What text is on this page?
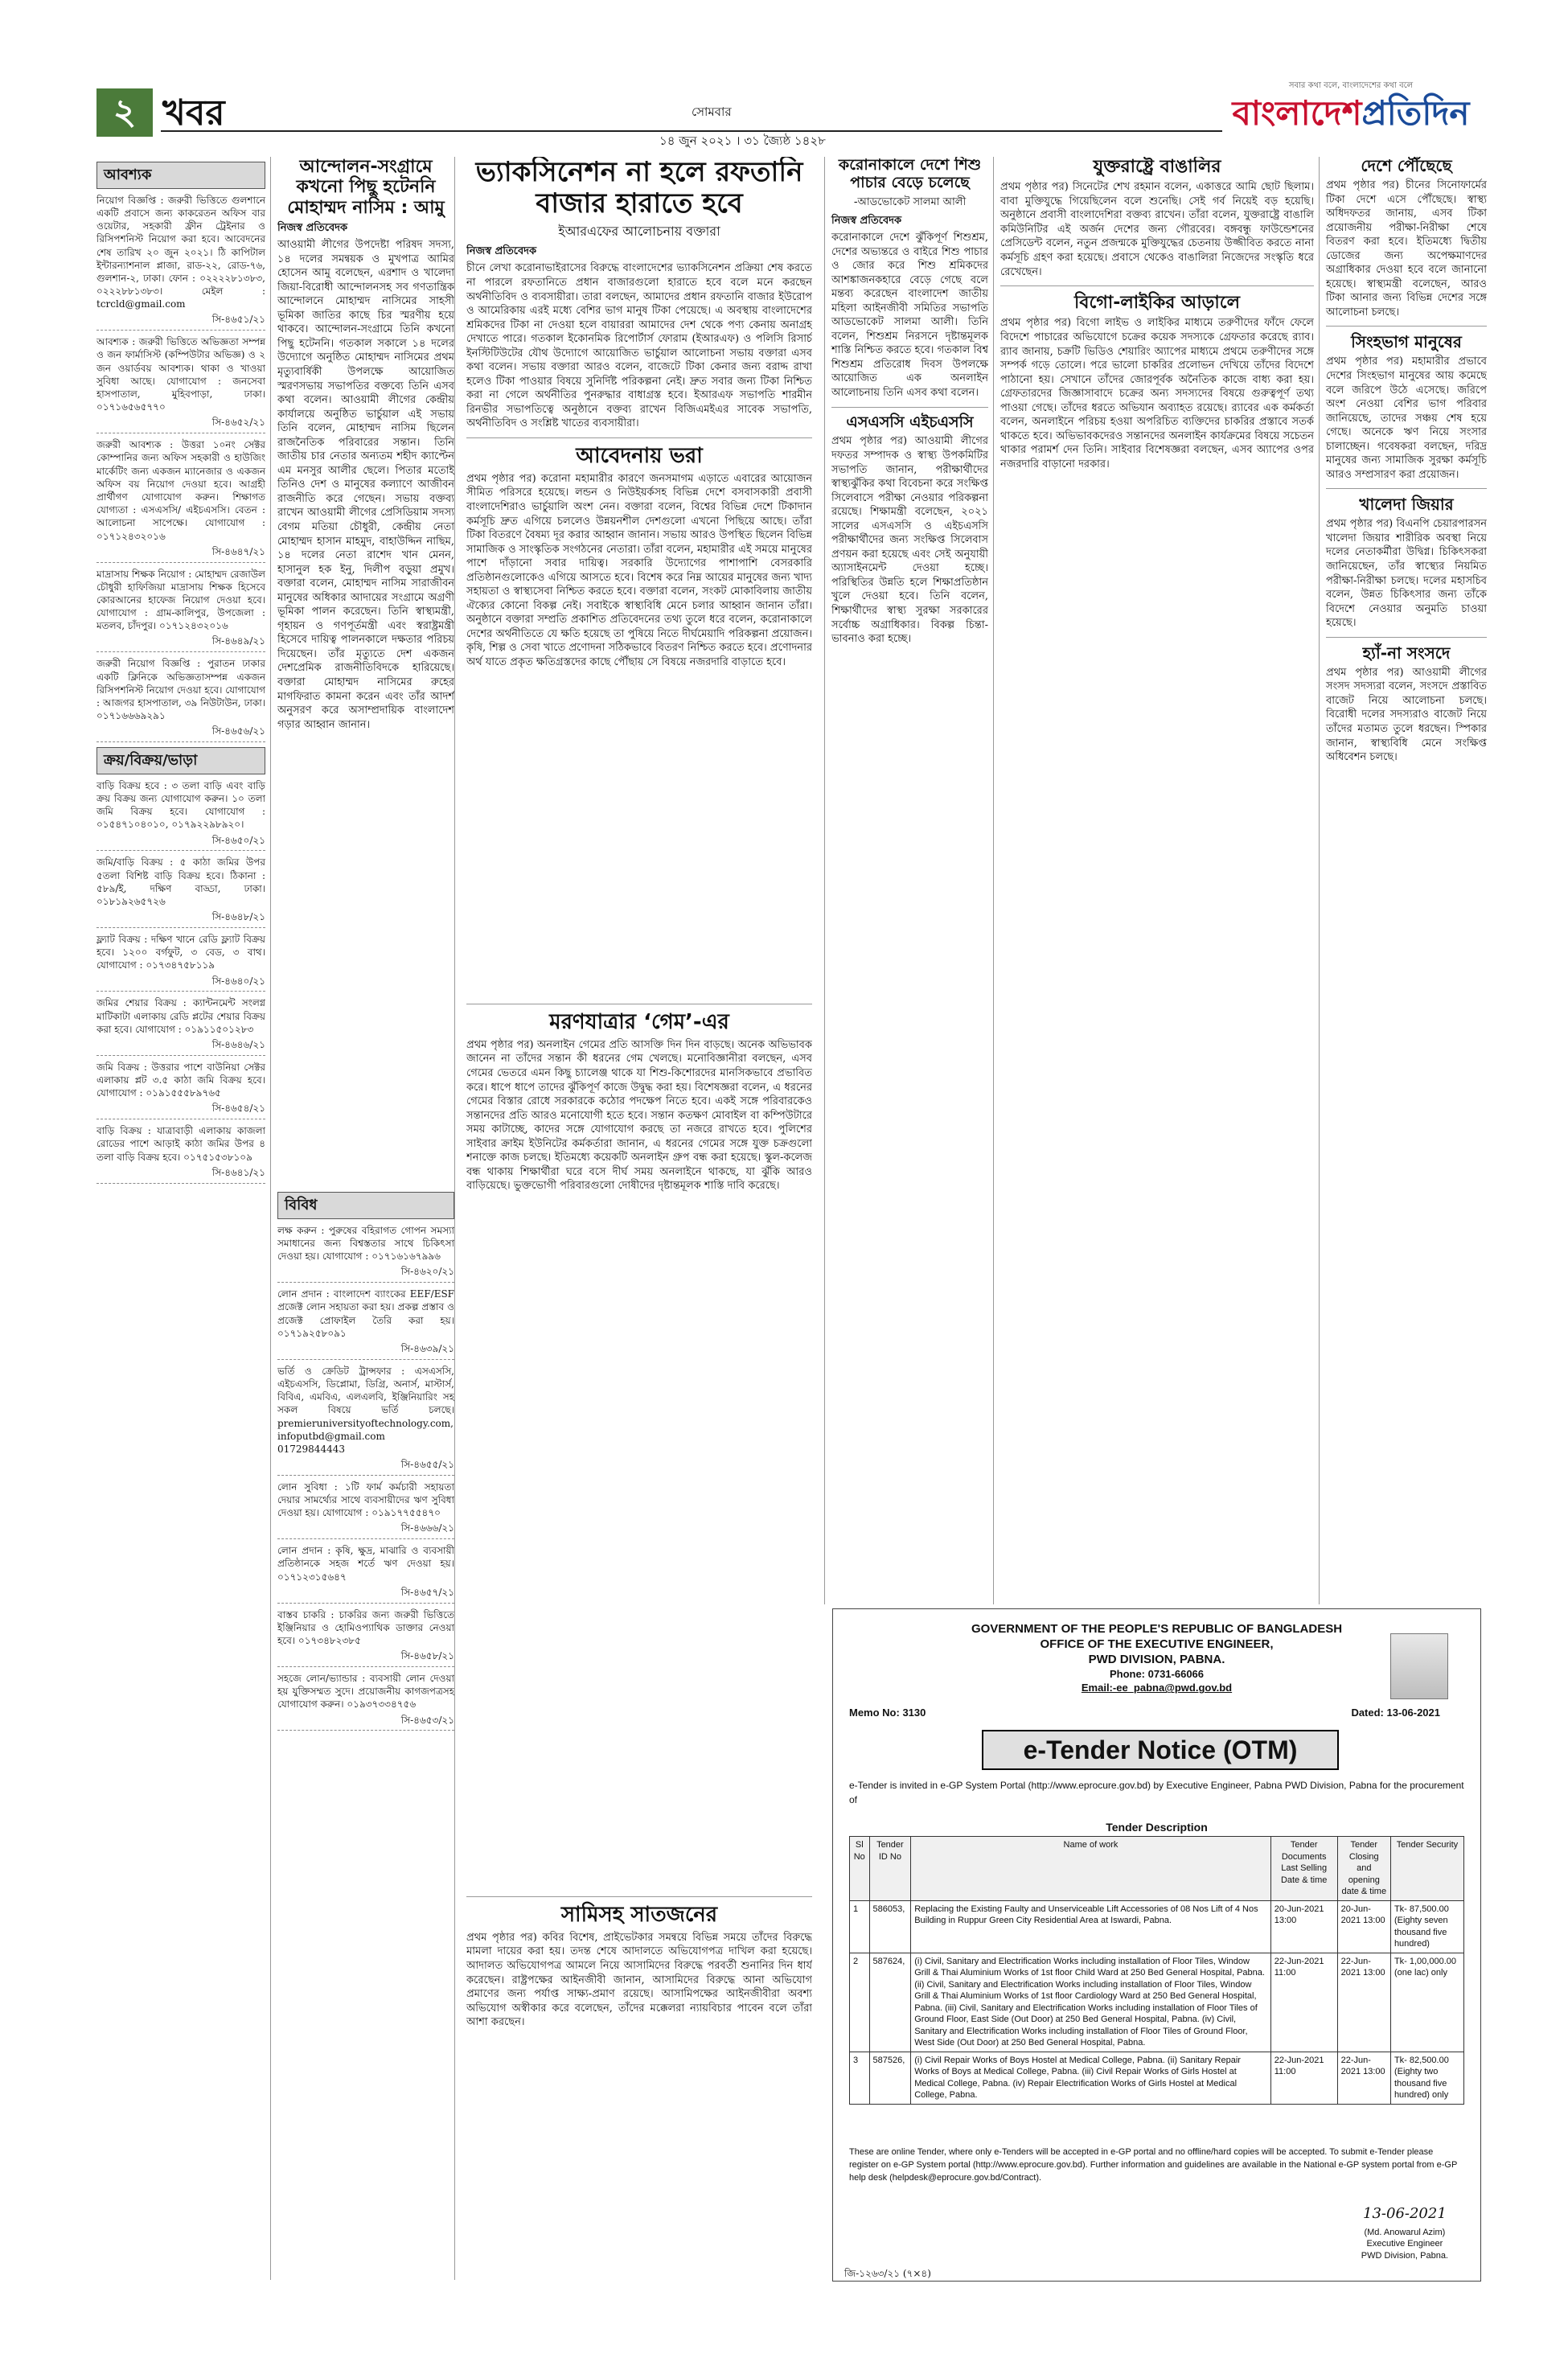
২ খবর	সোমবার
১৪ জুন ২০২১ । ৩১ জ্যৈষ্ঠ ১৪২৮
সবার কথা বলে, বাংলাদেশের কথা বলে
বাংলাদেশপ্রতিদিন
আবশ্যক
নিয়োগ বিজ্ঞপ্তি : জরুরী ভিত্তিতে গুলশানে একটি প্রবাসে জন্য কাকরেতন অফিস বার ওয়েটার, সহকারী ফ্রীন ট্রেইনার ও রিসিপশনিস্ট নিয়োগ করা হবে। আবেদনের শেষ তারিখ ২০ জুন ২০২১। ঠি কাপিটাল ইন্টারন্যাশনাল প্লাজা, রাড-২২, রোড-৭৬, গুলশান-২, ঢাকা। ফোন : ০২২২২৮১৩৮৩, ০২২২৮৮১৩৮৩। মেইল : tcrcld@gmail.com
সি-৪৬৫১/২১
আবশ্যক : জরুরী ভিত্তিতে অভিজ্ঞতা সম্পন্ন ও জন ফার্মাসিস্ট (কম্পিউটার অভিজ্ঞ) ও ২ জন ওয়ার্ডবয় আবশ্যক। থাকা ও খাওয়া সুবিধা আছে। যোগাযোগ : জনসেবা হাসপাতাল, মুহিবপাড়া, ঢাকা। ০১৭১৬৫৬৫৭৭০
সি-৪৬৫২/২১
জরুরী আবশ্যক : উত্তরা ১০নং সেক্টর কোম্পানির জন্য অফিস সহকারী ও হাউজিং মার্কেটিং জন্য একজন ম্যানেজার ও একজন অফিস বয় নিয়োগ দেওয়া হবে। আগ্রহী প্রার্থীগণ যোগাযোগ করুন। শিক্ষাগত যোগ্যতা : এসএসসি/ এইচএসসি। বেতন : আলোচনা সাপেক্ষে। যোগাযোগ : ০১৭১২৪৩২০১৬
সি-৪৬৪৭/২১
মাদ্রাসায় শিক্ষক নিয়োগ : মোহাম্মদ রেজাউল চৌধুরী হাফিজিয়া মাদ্রাসায় শিক্ষক হিসেবে কোরআনের হাফেজ নিয়োগ দেওয়া হবে। যোগাযোগ : গ্রাম-কালিপুর, উপজেলা : মতলব, চাঁদপুর। ০১৭১২৪৩২০১৬
সি-৪৬৪৯/২১
জরুরী নিয়োগ বিজ্ঞপ্তি : পুরাতন ঢাকার একটি ক্লিনিকে অভিজ্ঞতাসম্পন্ন একজন রিসিপশনিস্ট নিয়োগ দেওয়া হবে। যোগাযোগ : আজগর হাসপাতাল, ৩৯ নিউটাউন, ঢাকা। ০১৭১৬৬৬৯২৯১
সি-৪৬৫৬/২১
ক্রয়/বিক্রয়/ভাড়া
বাড়ি বিক্রয় হবে : ৩ তলা বাড়ি এবং বাড়ি ক্রয় বিক্রয় জন্য যোগাযোগ করুন। ১০ তলা জমি বিক্রয় হবে। যোগাযোগ : ০১৫৪৭১০৪০১০, ০১৭৯২২৯৮৯২০।
সি-৪৬৫০/২১
জমি/বাড়ি বিক্রয় : ৫ কাঠা জমির উপর ৫তলা বিশিষ্ট বাড়ি বিক্রয় হবে। ঠিকানা : ৫৮৯/ই, দক্ষিণ বাড্ডা, ঢাকা। ০১৮১৯২৬৫৭২৬
সি-৪৬৪৮/২১
ফ্ল্যাট বিক্রয় : দক্ষিণ খানে রেডি ফ্ল্যাট বিক্রয় হবে। ১২০০ বর্গফুট, ৩ বেড, ৩ বাথ। যোগাযোগ : ০১৭৩৪৭৫৮১১৯
সি-৪৬৪০/২১
জমির শেয়ার বিক্রয় : ক্যান্টনমেন্ট সংলগ্ন মাটিকাটা এলাকায় রেডি প্লটের শেয়ার বিক্রয় করা হবে। যোগাযোগ : ০১৯১১৫০১২৮৩
সি-৪৬৪৬/২১
জমি বিক্রয় : উত্তরার পাশে বাউনিয়া সেক্টর এলাকায় প্লট ৩.৫ কাঠা জমি বিক্রয় হবে। যোগাযোগ : ০১৯১৫৫৫৮৯৭৬৫
সি-৪৬৫৪/২১
বাড়ি বিক্রয় : যাত্রাবাড়ী এলাকায় কাজলা রোডের পাশে আড়াই কাঠা জমির উপর ৪ তলা বাড়ি বিক্রয় হবে। ০১৭৫১৫৩৮১০৯
সি-৪৬৪১/২১
আন্দোলন-সংগ্রামে কখনো পিছু হটেননি মোহাম্মদ নাসিম : আমু
নিজস্ব প্রতিবেদক

আওয়ামী লীগের উপদেষ্টা পরিষদ সদস্য, ১৪ দলের সমন্বয়ক ও মুখপাত্র আমির হোসেন আমু বলেছেন, এরশাদ ও খালেদা জিয়া-বিরোধী আন্দোলনসহ সব গণতান্ত্রিক আন্দোলনে মোহাম্মদ নাসিমের সাহসী ভূমিকা জাতির কাছে চির স্মরণীয় হয়ে থাকবে। আন্দোলন-সংগ্রামে তিনি কখনো পিছু হটেননি। গতকাল সকালে ১৪ দলের উদ্যোগে অনুষ্ঠিত মোহাম্মদ নাসিমের প্রথম মৃত্যুবার্ষিকী উপলক্ষে আয়োজিত স্মরণসভায় সভাপতির বক্তব্যে তিনি এসব কথা বলেন। আওয়ামী লীগের কেন্দ্রীয় কার্যালয়ে অনুষ্ঠিত ভার্চুয়াল এই সভায় তিনি বলেন, মোহাম্মদ নাসিম ছিলেন রাজনৈতিক পরিবারের সন্তান। তিনি জাতীয় চার নেতার অন্যতম শহীদ ক্যাপ্টেন এম মনসুর আলীর ছেলে। পিতার মতোই তিনিও দেশ ও মানুষের কল্যাণে আজীবন রাজনীতি করে গেছেন। সভায় বক্তব্য রাখেন আওয়ামী লীগের প্রেসিডিয়াম সদস্য বেগম মতিয়া চৌধুরী, কেন্দ্রীয় নেতা মোহাম্মদ হাসান মাহমুদ, বাহাউদ্দিন নাছিম, ১৪ দলের নেতা রাশেদ খান মেনন, হাসানুল হক ইনু, দিলীপ বড়ুয়া প্রমুখ। বক্তারা বলেন, মোহাম্মদ নাসিম সারাজীবন মানুষের অধিকার আদায়ের সংগ্রামে অগ্রণী ভূমিকা পালন করেছেন। তিনি স্বাস্থ্যমন্ত্রী, গৃহায়ন ও গণপূর্তমন্ত্রী এবং স্বরাষ্ট্রমন্ত্রী হিসেবে দায়িত্ব পালনকালে দক্ষতার পরিচয় দিয়েছেন। তাঁর মৃত্যুতে দেশ একজন দেশপ্রেমিক রাজনীতিবিদকে হারিয়েছে। বক্তারা মোহাম্মদ নাসিমের রুহের মাগফিরাত কামনা করেন এবং তাঁর আদর্শ অনুসরণ করে অসাম্প্রদায়িক বাংলাদেশ গড়ার আহ্বান জানান।

বিবিধ
লক্ষ করুন : পুরুষের বহিরাগত গোপন সমস্যা সমাধানের জন্য বিশ্বস্ততার সাথে চিকিৎসা দেওয়া হয়। যোগাযোগ : ০১৭১৬১৬৭৯৯৬
সি-৪৬২০/২১
লোন প্রদান : বাংলাদেশ ব্যাংকের EEF/ESF প্রজেক্ট লোন সহায়তা করা হয়। প্রকল্প প্রস্তাব ও প্রজেক্ট প্রোফাইল তৈরি করা হয়। ০১৭১৯২৫৮০৯১
সি-৪৬৩৯/২১
ভর্তি ও ক্রেডিট ট্রান্সফার : এসএসসি, এইচএসসি, ডিপ্লোমা, ডিগ্রি, অনার্স, মাস্টার্স, বিবিএ, এমবিএ, এলএলবি, ইঞ্জিনিয়ারিং সহ সকল বিষয়ে ভর্তি চলছে। premieruniversityoftechnology.com, infoputbd@gmail.com 01729844443
সি-৪৬৫৫/২১
লোন সুবিধা : ১টি ফার্ম কর্মচারী সহায়তা দেয়ার সামর্থ্যের সাথে ব্যবসায়ীদের ঋণ সুবিধা দেওয়া হয়। যোগাযোগ : ০১৯১৭৭৫৫৪৭০
সি-৪৬৬৬/২১
লোন প্রদান : কৃষি, ক্ষুদ্র, মাঝারি ও ব্যবসায়ী প্রতিষ্ঠানকে সহজ শর্তে ঋণ দেওয়া হয়। ০১৭১২৩১৫৬৪৭
সি-৪৬৫৭/২১
বাস্তব চাকরি : চাকরির জন্য জরুরী ভিত্তিতে ইঞ্জিনিয়ার ও হোমিওপ্যাথিক ডাক্তার নেওয়া হবে। ০১৭৩৪৮২৩৮৫
সি-৪৬৫৮/২১
সহজে লোন/ভ্যান্ডার : ব্যবসায়ী লোন দেওয়া হয় যুক্তিসম্মত সুদে। প্রয়োজনীয় কাগজপত্রসহ যোগাযোগ করুন। ০১৯৩৭৩৩৪৭৫৬
সি-৪৬৫৩/২১
ভ্যাকসিনেশন না হলে রফতানি বাজার হারাতে হবে
ইআরএফের আলোচনায় বক্তারা
নিজস্ব প্রতিবেদক

চীনে লেখা করোনাভাইরাসের বিরুদ্ধে বাংলাদেশের ভ্যাকসিনেশন প্রক্রিয়া শেষ করতে না পারলে রফতানিতে প্রধান বাজারগুলো হারাতে হবে বলে মনে করছেন অর্থনীতিবিদ ও ব্যবসায়ীরা। তারা বলছেন, আমাদের প্রধান রফতানি বাজার ইউরোপ ও আমেরিকায় এরই মধ্যে বেশির ভাগ মানুষ টিকা পেয়েছে। এ অবস্থায় বাংলাদেশের শ্রমিকদের টিকা না দেওয়া হলে বায়াররা আমাদের দেশ থেকে পণ্য কেনায় অনাগ্রহ দেখাতে পারে। গতকাল ইকোনমিক রিপোর্টার্স ফোরাম (ইআরএফ) ও পলিসি রিসার্চ ইনস্টিটিউটের যৌথ উদ্যোগে আয়োজিত ভার্চুয়াল আলোচনা সভায় বক্তারা এসব কথা বলেন। সভায় বক্তারা আরও বলেন, বাজেটে টিকা কেনার জন্য বরাদ্দ রাখা হলেও টিকা পাওয়ার বিষয়ে সুনির্দিষ্ট পরিকল্পনা নেই। দ্রুত সবার জন্য টিকা নিশ্চিত করা না গেলে অর্থনীতির পুনরুদ্ধার বাধাগ্রস্ত হবে। ইআরএফ সভাপতি শারমীন রিনভীর সভাপতিত্বে অনুষ্ঠানে বক্তব্য রাখেন বিজিএমইএর সাবেক সভাপতি, অর্থনীতিবিদ ও সংশ্লিষ্ট খাতের ব্যবসায়ীরা।

আবেদনায় ভরা

প্রথম পৃষ্ঠার পর) করোনা মহামারীর কারণে জনসমাগম এড়াতে এবারের আয়োজন সীমিত পরিসরে হয়েছে। লন্ডন ও নিউইয়র্কসহ বিভিন্ন দেশে বসবাসকারী প্রবাসী বাংলাদেশিরাও ভার্চুয়ালি অংশ নেন। বক্তারা বলেন, বিশ্বের বিভিন্ন দেশে টিকাদান কর্মসূচি দ্রুত এগিয়ে চললেও উন্নয়নশীল দেশগুলো এখনো পিছিয়ে আছে। তাঁরা টিকা বিতরণে বৈষম্য দূর করার আহ্বান জানান। সভায় আরও উপস্থিত ছিলেন বিভিন্ন সামাজিক ও সাংস্কৃতিক সংগঠনের নেতারা। তাঁরা বলেন, মহামারীর এই সময়ে মানুষের পাশে দাঁড়ানো সবার দায়িত্ব। সরকারি উদ্যোগের পাশাপাশি বেসরকারি প্রতিষ্ঠানগুলোকেও এগিয়ে আসতে হবে। বিশেষ করে নিম্ন আয়ের মানুষের জন্য খাদ্য সহায়তা ও স্বাস্থ্যসেবা নিশ্চিত করতে হবে। বক্তারা বলেন, সংকট মোকাবিলায় জাতীয় ঐক্যের কোনো বিকল্প নেই। সবাইকে স্বাস্থ্যবিধি মেনে চলার আহ্বান জানান তাঁরা। অনুষ্ঠানে বক্তারা সম্প্রতি প্রকাশিত প্রতিবেদনের তথ্য তুলে ধরে বলেন, করোনাকালে দেশের অর্থনীতিতে যে ক্ষতি হয়েছে তা পুষিয়ে নিতে দীর্ঘমেয়াদি পরিকল্পনা প্রয়োজন। কৃষি, শিল্প ও সেবা খাতে প্রণোদনা সঠিকভাবে বিতরণ নিশ্চিত করতে হবে। প্রণোদনার অর্থ যাতে প্রকৃত ক্ষতিগ্রস্তদের কাছে পৌঁছায় সে বিষয়ে নজরদারি বাড়াতে হবে।

মরণযাত্রার ‘গেম’-এর

প্রথম পৃষ্ঠার পর) অনলাইন গেমের প্রতি আসক্তি দিন দিন বাড়ছে। অনেক অভিভাবক জানেন না তাঁদের সন্তান কী ধরনের গেম খেলছে। মনোবিজ্ঞানীরা বলছেন, এসব গেমের ভেতরে এমন কিছু চ্যালেঞ্জ থাকে যা শিশু-কিশোরদের মানসিকভাবে প্রভাবিত করে। ধাপে ধাপে তাদের ঝুঁকিপূর্ণ কাজে উদ্বুদ্ধ করা হয়। বিশেষজ্ঞরা বলেন, এ ধরনের গেমের বিস্তার রোধে সরকারকে কঠোর পদক্ষেপ নিতে হবে। একই সঙ্গে পরিবারকেও সন্তানদের প্রতি আরও মনোযোগী হতে হবে। সন্তান কতক্ষণ মোবাইল বা কম্পিউটারে সময় কাটাচ্ছে, কাদের সঙ্গে যোগাযোগ করছে তা নজরে রাখতে হবে। পুলিশের সাইবার ক্রাইম ইউনিটের কর্মকর্তারা জানান, এ ধরনের গেমের সঙ্গে যুক্ত চক্রগুলো শনাক্তে কাজ চলছে। ইতিমধ্যে কয়েকটি অনলাইন গ্রুপ বন্ধ করা হয়েছে। স্কুল-কলেজ বন্ধ থাকায় শিক্ষার্থীরা ঘরে বসে দীর্ঘ সময় অনলাইনে থাকছে, যা ঝুঁকি আরও বাড়িয়েছে। ভুক্তভোগী পরিবারগুলো দোষীদের দৃষ্টান্তমূলক শাস্তি দাবি করেছে।

সামিসহ সাতজনের

প্রথম পৃষ্ঠার পর) কবির বিশেষ, প্রাইভেটকার সমন্বয়ে বিভিন্ন সময়ে তাঁদের বিরুদ্ধে মামলা দায়ের করা হয়। তদন্ত শেষে আদালতে অভিযোগপত্র দাখিল করা হয়েছে। আদালত অভিযোগপত্র আমলে নিয়ে আসামিদের বিরুদ্ধে পরবর্তী শুনানির দিন ধার্য করেছেন। রাষ্ট্রপক্ষের আইনজীবী জানান, আসামিদের বিরুদ্ধে আনা অভিযোগ প্রমাণের জন্য পর্যাপ্ত সাক্ষ্য-প্রমাণ রয়েছে। আসামিপক্ষের আইনজীবীরা অবশ্য অভিযোগ অস্বীকার করে বলেছেন, তাঁদের মক্কেলরা ন্যায়বিচার পাবেন বলে তাঁরা আশা করছেন।

করোনাকালে দেশে শিশু পাচার বেড়ে চলেছে
-আডভোকেট সালমা আলী
নিজস্ব প্রতিবেদক

করোনাকালে দেশে ঝুঁকিপূর্ণ শিশুশ্রম, দেশের অভ্যন্তরে ও বাইরে শিশু পাচার ও জোর করে শিশু শ্রমিকদের আশঙ্কাজনকহারে বেড়ে গেছে বলে মন্তব্য করেছেন বাংলাদেশ জাতীয় মহিলা আইনজীবী সমিতির সভাপতি আডভোকেট সালমা আলী। তিনি বলেন, শিশুশ্রম নিরসনে দৃষ্টান্তমূলক শাস্তি নিশ্চিত করতে হবে। গতকাল বিশ্ব শিশুশ্রম প্রতিরোধ দিবস উপলক্ষে আয়োজিত এক অনলাইন আলোচনায় তিনি এসব কথা বলেন।

এসএসসি এইচএসসি

প্রথম পৃষ্ঠার পর) আওয়ামী লীগের দফতর সম্পাদক ও স্বাস্থ্য উপকমিটির সভাপতি জানান, পরীক্ষার্থীদের স্বাস্থ্যঝুঁকির কথা বিবেচনা করে সংক্ষিপ্ত সিলেবাসে পরীক্ষা নেওয়ার পরিকল্পনা রয়েছে। শিক্ষামন্ত্রী বলেছেন, ২০২১ সালের এসএসসি ও এইচএসসি পরীক্ষার্থীদের জন্য সংক্ষিপ্ত সিলেবাস প্রণয়ন করা হয়েছে এবং সেই অনুযায়ী অ্যাসাইনমেন্ট দেওয়া হচ্ছে। পরিস্থিতির উন্নতি হলে শিক্ষাপ্রতিষ্ঠান খুলে দেওয়া হবে। তিনি বলেন, শিক্ষার্থীদের স্বাস্থ্য সুরক্ষা সরকারের সর্বোচ্চ অগ্রাধিকার। বিকল্প চিন্তা-ভাবনাও করা হচ্ছে।

যুক্তরাষ্ট্রে বাঙালির

প্রথম পৃষ্ঠার পর) সিনেটের শেখ রহমান বলেন, একাত্তরে আমি ছোট ছিলাম। বাবা মুক্তিযুদ্ধে গিয়েছিলেন বলে শুনেছি। সেই গর্ব নিয়েই বড় হয়েছি। অনুষ্ঠানে প্রবাসী বাংলাদেশিরা বক্তব্য রাখেন। তাঁরা বলেন, যুক্তরাষ্ট্রে বাঙালি কমিউনিটির এই অর্জন দেশের জন্য গৌরবের। বঙ্গবন্ধু ফাউন্ডেশনের প্রেসিডেন্ট বলেন, নতুন প্রজন্মকে মুক্তিযুদ্ধের চেতনায় উজ্জীবিত করতে নানা কর্মসূচি গ্রহণ করা হয়েছে। প্রবাসে থেকেও বাঙালিরা নিজেদের সংস্কৃতি ধরে রেখেছেন।

বিগো-লাইকির আড়ালে

প্রথম পৃষ্ঠার পর) বিগো লাইভ ও লাইকির মাধ্যমে তরুণীদের ফাঁদে ফেলে বিদেশে পাচারের অভিযোগে চক্রের কয়েক সদস্যকে গ্রেফতার করেছে র‌্যাব। র‌্যাব জানায়, চক্রটি ভিডিও শেয়ারিং অ্যাপের মাধ্যমে প্রথমে তরুণীদের সঙ্গে সম্পর্ক গড়ে তোলে। পরে ভালো চাকরির প্রলোভন দেখিয়ে তাঁদের বিদেশে পাঠানো হয়। সেখানে তাঁদের জোরপূর্বক অনৈতিক কাজে বাধ্য করা হয়। গ্রেফতারদের জিজ্ঞাসাবাদে চক্রের অন্য সদস্যদের বিষয়ে গুরুত্বপূর্ণ তথ্য পাওয়া গেছে। তাঁদের ধরতে অভিযান অব্যাহত রয়েছে। র‌্যাবের এক কর্মকর্তা বলেন, অনলাইনে পরিচয় হওয়া অপরিচিত ব্যক্তিদের চাকরির প্রস্তাবে সতর্ক থাকতে হবে। অভিভাবকদেরও সন্তানদের অনলাইন কার্যক্রমের বিষয়ে সচেতন থাকার পরামর্শ দেন তিনি। সাইবার বিশেষজ্ঞরা বলছেন, এসব অ্যাপের ওপর নজরদারি বাড়ানো দরকার।

দেশে পৌঁছেছে

প্রথম পৃষ্ঠার পর) চীনের সিনোফার্মের টিকা দেশে এসে পৌঁছেছে। স্বাস্থ্য অধিদফতর জানায়, এসব টিকা প্রয়োজনীয় পরীক্ষা-নিরীক্ষা শেষে বিতরণ করা হবে। ইতিমধ্যে দ্বিতীয় ডোজের জন্য অপেক্ষমাণদের অগ্রাধিকার দেওয়া হবে বলে জানানো হয়েছে। স্বাস্থ্যমন্ত্রী বলেছেন, আরও টিকা আনার জন্য বিভিন্ন দেশের সঙ্গে আলোচনা চলছে।

সিংহভাগ মানুষের

প্রথম পৃষ্ঠার পর) মহামারীর প্রভাবে দেশের সিংহভাগ মানুষের আয় কমেছে বলে জরিপে উঠে এসেছে। জরিপে অংশ নেওয়া বেশির ভাগ পরিবার জানিয়েছে, তাদের সঞ্চয় শেষ হয়ে গেছে। অনেকে ঋণ নিয়ে সংসার চালাচ্ছেন। গবেষকরা বলছেন, দরিদ্র মানুষের জন্য সামাজিক সুরক্ষা কর্মসূচি আরও সম্প্রসারণ করা প্রয়োজন।

খালেদা জিয়ার

প্রথম পৃষ্ঠার পর) বিএনপি চেয়ারপারসন খালেদা জিয়ার শারীরিক অবস্থা নিয়ে দলের নেতাকর্মীরা উদ্বিগ্ন। চিকিৎসকরা জানিয়েছেন, তাঁর স্বাস্থ্যের নিয়মিত পরীক্ষা-নিরীক্ষা চলছে। দলের মহাসচিব বলেন, উন্নত চিকিৎসার জন্য তাঁকে বিদেশে নেওয়ার অনুমতি চাওয়া হয়েছে।

হ্যাঁ-না সংসদে

প্রথম পৃষ্ঠার পর) আওয়ামী লীগের সংসদ সদস্যরা বলেন, সংসদে প্রস্তাবিত বাজেট নিয়ে আলোচনা চলছে। বিরোধী দলের সদস্যরাও বাজেট নিয়ে তাঁদের মতামত তুলে ধরছেন। স্পিকার জানান, স্বাস্থ্যবিধি মেনে সংক্ষিপ্ত অধিবেশন চলছে।

GOVERNMENT OF THE PEOPLE'S REPUBLIC OF BANGLADESH
OFFICE OF THE EXECUTIVE ENGINEER,
PWD DIVISION, PABNA.
Phone: 0731-66066
Email:-ee_pabna@pwd.gov.bd
Memo No: 3130	Dated: 13-06-2021
e-Tender Notice (OTM)
e-Tender is invited in e-GP System Portal (http://www.eprocure.gov.bd) by Executive Engineer, Pabna PWD Division, Pabna for the procurement of
Tender Description
Sl No	Tender ID No	Name of work	Tender Documents Last Selling Date & time	Tender Closing and opening date & time	Tender Security
1	586053,	Replacing the Existing Faulty and Unserviceable Lift Accessories of 08 Nos Lift of 4 Nos Building in Ruppur Green City Residential Area at Iswardi, Pabna.	20-Jun-2021 13:00	20-Jun-2021 13:00	Tk- 87,500.00 (Eighty seven thousand five hundred)
2	587624,	(i) Civil, Sanitary and Electrification Works including installation of Floor Tiles, Window Grill & Thai Aluminium Works of 1st floor Child Ward at 250 Bed General Hospital, Pabna. (ii) Civil, Sanitary and Electrification Works including installation of Floor Tiles, Window Grill & Thai Aluminium Works of 1st floor Cardiology Ward at 250 Bed General Hospital, Pabna. (iii) Civil, Sanitary and Electrification Works including installation of Floor Tiles of Ground Floor, East Side (Out Door) at 250 Bed General Hospital, Pabna. (iv) Civil, Sanitary and Electrification Works including installation of Floor Tiles of Ground Floor, West Side (Out Door) at 250 Bed General Hospital, Pabna.	22-Jun-2021 11:00	22-Jun-2021 13:00	Tk- 1,00,000.00 (one lac) only
3	587526,	(i) Civil Repair Works of Boys Hostel at Medical College, Pabna. (ii) Sanitary Repair Works of Boys at Medical College, Pabna. (iii) Civil Repair Works of Girls Hostel at Medical College, Pabna. (iv) Repair Electrification Works of Girls Hostel at Medical College, Pabna.	22-Jun-2021 11:00	22-Jun-2021 13:00	Tk- 82,500.00 (Eighty two thousand five hundred) only
These are online Tender, where only e-Tenders will be accepted in e-GP portal and no offline/hard copies will be accepted. To submit e-Tender please register on e-GP System portal (http://www.eprocure.gov.bd). Further information and guidelines are available in the National e-GP system portal from e-GP help desk (helpdesk@eprocure.gov.bd/Contract).
13-06-2021
(Md. Anowarul Azim)
Executive Engineer
PWD Division, Pabna.
জি-১২৬৩/২১ (৭×৪)
